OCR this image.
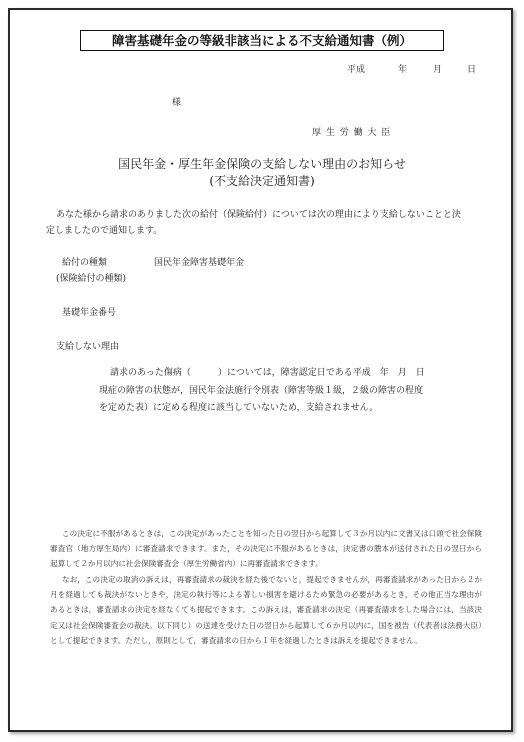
障害基礎年金の等級非該当による不支給通知書（例）
平成	年	月	日
様
厚 生 労 働 大 臣
国民年金・厚生年金保険の支給しない理由のお知らせ
(不支給決定通知書)
あなた様から請求のありました次の給付（保険給付）については次の理由により支給しないことと決
定しましたので通知します。
給付の種類	国民年金障害基礎年金
(保険給付の種類)
基礎年金番号
支給しない理由
請求のあった傷病（　　　）については，障害認定日である平成　年　月　日
現症の障害の状態が，国民年金法施行令別表（障害等級１級，２級の障害の程度
を定めた表）に定める程度に該当していないため，支給されません。
この決定に不服があるときは，この決定があったことを知った日の翌日から起算して３か月以内に文書又は口頭で社会保険審査官（地方厚生局内）に審査請求できます。また，その決定に不服があるときは，決定書の謄本が送付された日の翌日から起算して２か月以内に社会保険審査会（厚生労働省内）に再審査請求できます。
なお，この決定の取消の訴えは，再審査請求の裁決を経た後でないと，提起できませんが，再審査請求があった日から２か月を経過しても裁決がないときや，決定の執行等による著しい損害を避けるため緊急の必要があるとき，その他正当な理由があるときは，審査請求の決定を経なくても提起できます。この訴えは，審査請求の決定（再審査請求をした場合には，当該決定又は社会保険審査会の裁決。以下同じ）の送達を受けた日の翌日から起算して６か月以内に，国を被告（代表者は法務大臣）として提起できます。ただし，原則として，審査請求の日から１年を経過したときは訴えを提起できません。
